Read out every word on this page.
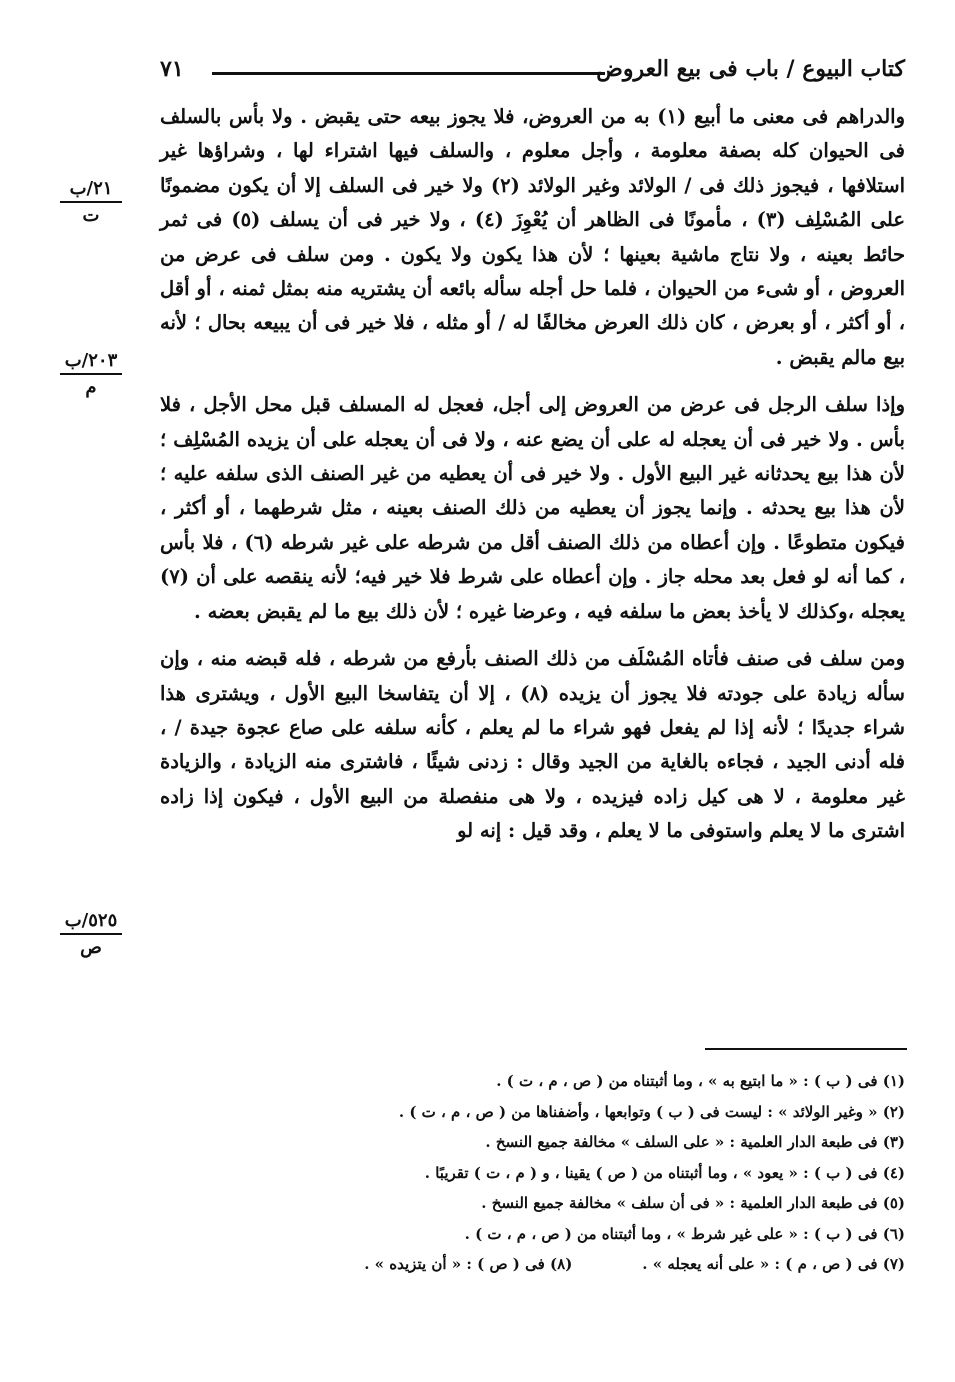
كتاب البيوع / باب فى بيع العروض
٧١
٢١/ب
ت
٢٠٣/ب
م
٥٢٥/ب
ص

والدراهم فى معنى ما أبيع (١) به من العروض، فلا يجوز بيعه حتى يقبض . ولا بأس بالسلف فى الحيوان كله بصفة معلومة ، وأجل معلوم ، والسلف فيها اشتراء لها ، وشراؤها غير استلافها ، فيجوز ذلك فى / الولائد وغير الولائد (٢) ولا خير فى السلف إلا أن يكون مضمونًا على المُسْلِف (٣) ، مأمونًا فى الظاهر أن يُعْوِزَ (٤) ، ولا خير فى أن يسلف (٥) فى ثمر حائط بعينه ، ولا نتاج ماشية بعينها ؛ لأن هذا يكون ولا يكون . ومن سلف فى عرض من العروض ، أو شىء من الحيوان ، فلما حل أجله سأله بائعه أن يشتريه منه بمثل ثمنه ، أو أقل ، أو أكثر ، أو بعرض ، كان ذلك العرض مخالفًا له / أو مثله ، فلا خير فى أن يبيعه بحال ؛ لأنه بيع مالم يقبض .

وإذا سلف الرجل فى عرض من العروض إلى أجل، فعجل له المسلف قبل محل الأجل ، فلا بأس . ولا خير فى أن يعجله له على أن يضع عنه ، ولا فى أن يعجله على أن يزيده المُسْلِف ؛ لأن هذا بيع يحدثانه غير البيع الأول . ولا خير فى أن يعطيه من غير الصنف الذى سلفه عليه ؛ لأن هذا بيع يحدثه . وإنما يجوز أن يعطيه من ذلك الصنف بعينه ، مثل شرطهما ، أو أكثر ، فيكون متطوعًا . وإن أعطاه من ذلك الصنف أقل من شرطه على غير شرطه (٦) ، فلا بأس ، كما أنه لو فعل بعد محله جاز . وإن أعطاه على شرط فلا خير فيه؛ لأنه ينقصه على أن (٧) يعجله ،وكذلك لا يأخذ بعض ما سلفه فيه ، وعرضا غيره ؛ لأن ذلك بيع ما لم يقبض بعضه .

ومن سلف فى صنف فأتاه المُسْلَف من ذلك الصنف بأرفع من شرطه ، فله قبضه منه ، وإن سأله زيادة على جودته فلا يجوز أن يزيده (٨) ، إلا أن يتفاسخا البيع الأول ، ويشترى هذا شراء جديدًا ؛ لأنه إذا لم يفعل فهو شراء ما لم يعلم ، كأنه سلفه على صاع عجوة جيدة / ، فله أدنى الجيد ، فجاءه بالغاية من الجيد وقال : زدنى شيئًا ، فاشترى منه الزيادة ، والزيادة غير معلومة ، لا هى كيل زاده فيزيده ، ولا هى منفصلة من البيع الأول ، فيكون إذا زاده اشترى ما لا يعلم واستوفى ما لا يعلم ، وقد قيل : إنه لو

(١) فى ( ب ) : « ما ابتيع به » ، وما أثبتناه من ( ص ، م ، ت ) .
(٢) « وغير الولائد » : ليست فى ( ب ) وتوابعها ، وأضفناها من ( ص ، م ، ت ) .
(٣) فى طبعة الدار العلمية : « على السلف » مخالفة جميع النسخ .
(٤) فى ( ب ) : « يعود » ، وما أثبتناه من ( ص ) يقينا ، و ( م ، ت ) تقريبًا .
(٥) فى طبعة الدار العلمية : « فى أن سلف » مخالفة جميع النسخ .
(٦) فى ( ب ) : « على غير شرط » ، وما أثبتناه من ( ص ، م ، ت ) .
(٧) فى ( ص ، م ) : « على أنه يعجله » .
(٨) فى ( ص ) : « أن يتزيده » .
